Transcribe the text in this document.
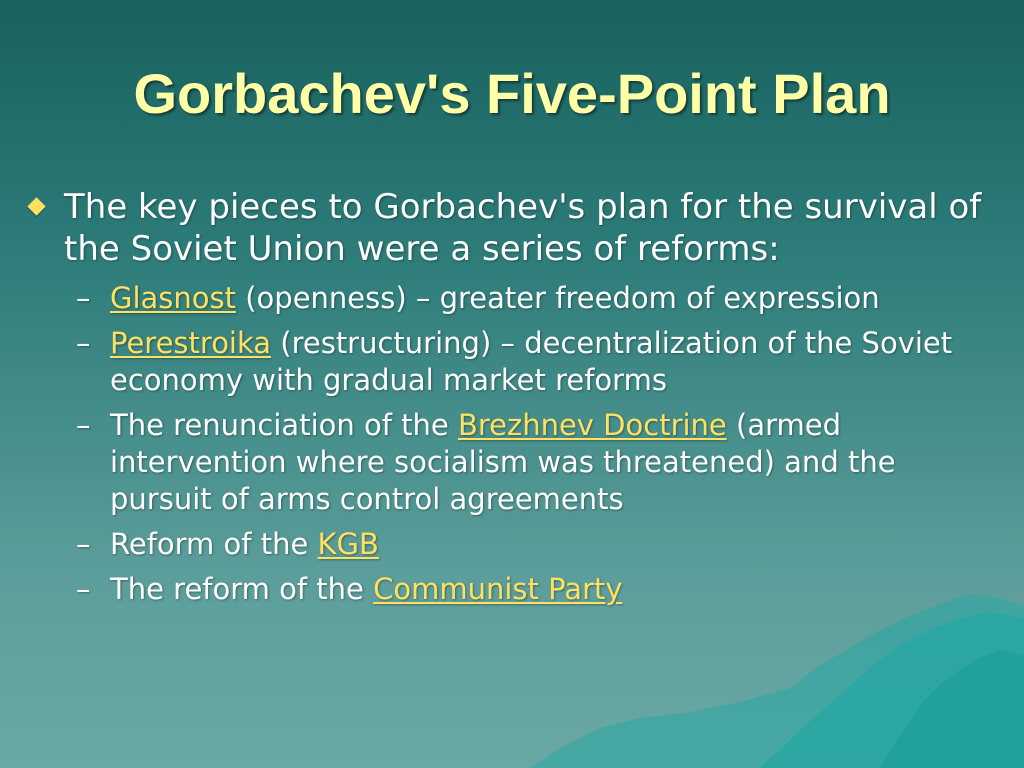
Gorbachev's Five-Point Plan
The key pieces to Gorbachev's plan for the survival of the Soviet Union were a series of reforms:
– Glasnost (openness) – greater freedom of expression
– Perestroika (restructuring) – decentralization of the Soviet economy with gradual market reforms
– The renunciation of the Brezhnev Doctrine (armed intervention where socialism was threatened) and the pursuit of arms control agreements
– Reform of the KGB
– The reform of the Communist Party
